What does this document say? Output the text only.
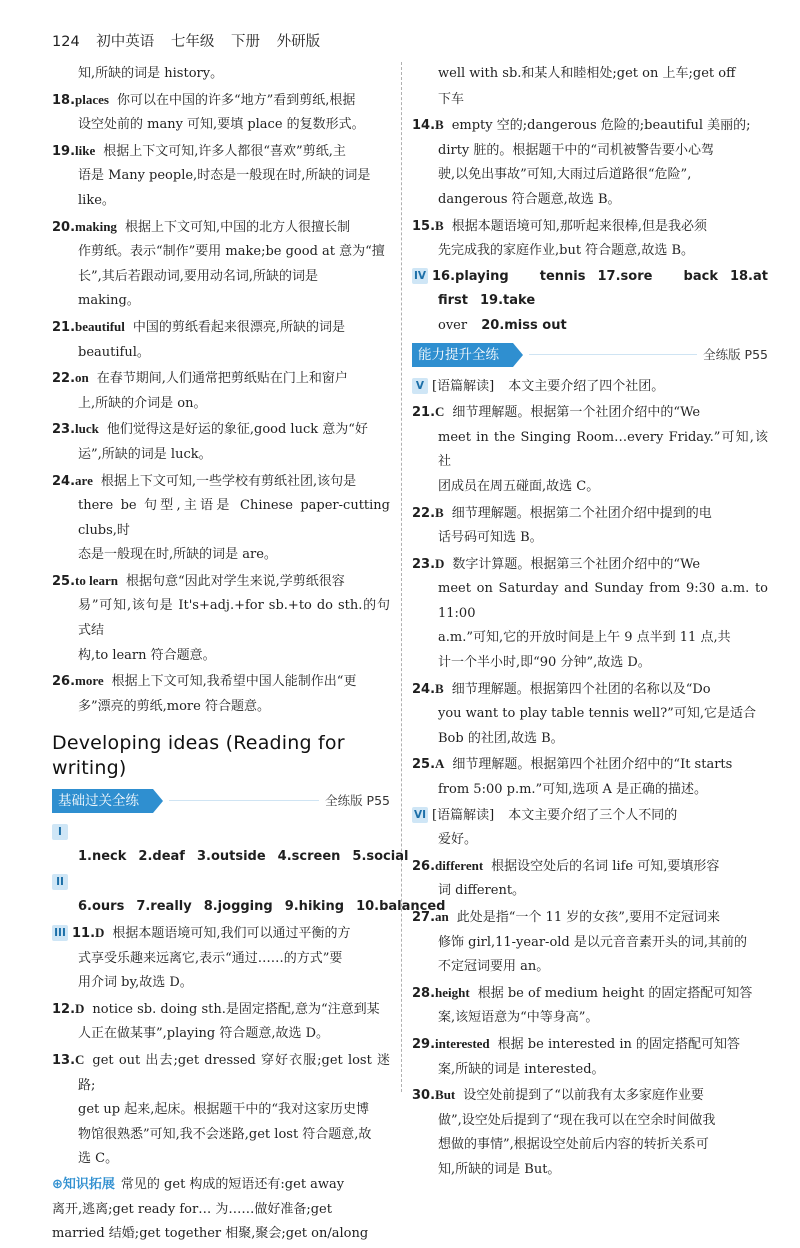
124 初中英语 七年级 下册 外研版

知,所缺的词是 history。

18.places 你可以在中国的许多“地方”看到剪纸,根据
设空处前的 many 可知,要填 place 的复数形式。

19.like 根据上下文可知,许多人都很“喜欢”剪纸,主
语是 Many people,时态是一般现在时,所缺的词是
like。

20.making 根据上下文可知,中国的北方人很擅长制
作剪纸。表示“制作”要用 make;be good at 意为“擅
长”,其后若跟动词,要用动名词,所缺的词是
making。

21.beautiful 中国的剪纸看起来很漂亮,所缺的词是
beautiful。

22.on 在春节期间,人们通常把剪纸贴在门上和窗户
上,所缺的介词是 on。

23.luck 他们觉得这是好运的象征,good luck 意为“好
运”,所缺的词是 luck。

24.are 根据上下文可知,一些学校有剪纸社团,该句是
there be 句型,主语是 Chinese paper-cutting clubs,时
态是一般现在时,所缺的词是 are。

25.to learn 根据句意“因此对学生来说,学剪纸很容
易”可知,该句是 It's+adj.+for sb.+to do sth.的句式结
构,to learn 符合题意。

26.more 根据上下文可知,我希望中国人能制作出“更
多”漂亮的剪纸,more 符合题意。

Developing ideas (Reading for writing)
基础过关全练	全练版 P55

I1.neck 2.deaf 3.outside 4.screen 5.social

II6.ours 7.really 8.jogging 9.hiking 10.balanced

III 11.D 根据本题语境可知,我们可以通过平衡的方
式享受乐趣来远离它,表示“通过……的方式”要
用介词 by,故选 D。

12.D notice sb. doing sth.是固定搭配,意为“注意到某
人正在做某事”,playing 符合题意,故选 D。

13.C get out 出去;get dressed 穿好衣服;get lost 迷路;
get up 起来,起床。根据题干中的“我对这家历史博
物馆很熟悉”可知,我不会迷路,get lost 符合题意,故
选 C。

⊕知识拓展 常见的 get 构成的短语还有:get away
离开,逃离;get ready for… 为……做好准备;get
married 结婚;get together 相聚,聚会;get on/along

well with sb.和某人和睦相处;get on 上车;get off

下车

14.B empty 空的;dangerous 危险的;beautiful 美丽的;
dirty 脏的。根据题干中的“司机被警告要小心驾
驶,以免出事故”可知,大雨过后道路很“危险”,
dangerous 符合题意,故选 B。

15.B 根据本题语境可知,那听起来很棒,但是我必须
先完成我的家庭作业,but 符合题意,故选 B。

IV 16.playing tennis 17.sore back 18.at first 19.take
over 20.miss out

能力提升全练	全练版 P55

V [语篇解读] 本文主要介绍了四个社团。

21.C 细节理解题。根据第一个社团介绍中的“We
meet in the Singing Room…every Friday.”可知,该社
团成员在周五碰面,故选 C。

22.B 细节理解题。根据第二个社团介绍中提到的电
话号码可知选 B。

23.D 数字计算题。根据第三个社团介绍中的“We
meet on Saturday and Sunday from 9:30 a.m. to 11:00
a.m.”可知,它的开放时间是上午 9 点半到 11 点,共
计一个半小时,即“90 分钟”,故选 D。

24.B 细节理解题。根据第四个社团的名称以及“Do
you want to play table tennis well?”可知,它是适合
Bob 的社团,故选 B。

25.A 细节理解题。根据第四个社团介绍中的“It starts
from 5:00 p.m.”可知,选项 A 是正确的描述。

VI [语篇解读] 本文主要介绍了三个人不同的
爱好。

26.different 根据设空处后的名词 life 可知,要填形容
词 different。

27.an 此处是指“一个 11 岁的女孩”,要用不定冠词来
修饰 girl,11-year-old 是以元音音素开头的词,其前的
不定冠词要用 an。

28.height 根据 be of medium height 的固定搭配可知答
案,该短语意为“中等身高”。

29.interested 根据 be interested in 的固定搭配可知答
案,所缺的词是 interested。

30.But 设空处前提到了“以前我有太多家庭作业要
做”,设空处后提到了“现在我可以在空余时间做我
想做的事情”,根据设空处前后内容的转折关系可
知,所缺的词是 But。
